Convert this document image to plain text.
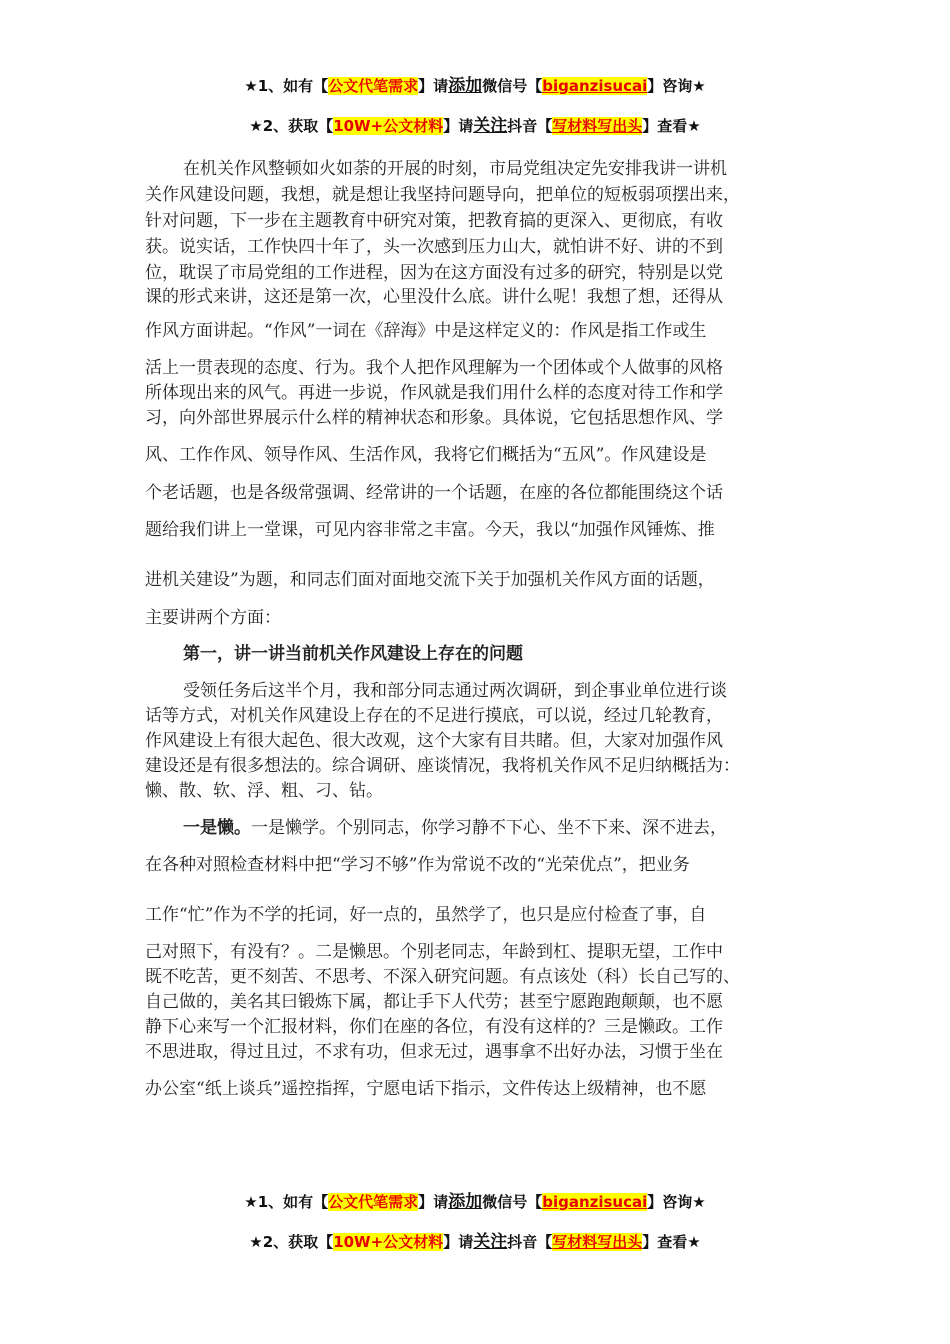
★1、如有【公文代笔需求】请添加微信号【biganzisucai】咨询★
★2、获取【10W+公文材料】请关注抖音【写材料写出头】查看★
在机关作风整顿如火如荼的开展的时刻，市局党组决定先安排我讲一讲机
关作风建设问题，我想，就是想让我坚持问题导向，把单位的短板弱项摆出来，
针对问题，下一步在主题教育中研究对策，把教育搞的更深入、更彻底，有收
获。说实话，工作快四十年了，头一次感到压力山大，就怕讲不好、讲的不到
位，耽误了市局党组的工作进程，因为在这方面没有过多的研究，特别是以党
课的形式来讲，这还是第一次，心里没什么底。讲什么呢！我想了想，还得从
作风方面讲起。“作风”一词在《辞海》中是这样定义的：作风是指工作或生
活上一贯表现的态度、行为。我个人把作风理解为一个团体或个人做事的风格
所体现出来的风气。再进一步说，作风就是我们用什么样的态度对待工作和学
习，向外部世界展示什么样的精神状态和形象。具体说，它包括思想作风、学
风、工作作风、领导作风、生活作风，我将它们概括为“五风”。作风建设是
个老话题，也是各级常强调、经常讲的一个话题，在座的各位都能围绕这个话
题给我们讲上一堂课，可见内容非常之丰富。今天，我以“加强作风锤炼、推
进机关建设”为题，和同志们面对面地交流下关于加强机关作风方面的话题，
主要讲两个方面：
第一，讲一讲当前机关作风建设上存在的问题
受领任务后这半个月，我和部分同志通过两次调研，到企事业单位进行谈
话等方式，对机关作风建设上存在的不足进行摸底，可以说，经过几轮教育，
作风建设上有很大起色、很大改观，这个大家有目共睹。但，大家对加强作风
建设还是有很多想法的。综合调研、座谈情况，我将机关作风不足归纳概括为：
懒、散、软、浮、粗、刁、钻。
一是懒。一是懒学。个别同志，你学习静不下心、坐不下来、深不进去，
在各种对照检查材料中把“学习不够”作为常说不改的“光荣优点”，把业务
工作“忙”作为不学的托词，好一点的，虽然学了，也只是应付检查了事，自
己对照下，有没有？。二是懒思。个别老同志，年龄到杠、提职无望，工作中
既不吃苦，更不刻苦、不思考、不深入研究问题。有点该处（科）长自己写的、
自己做的，美名其曰锻炼下属，都让手下人代劳；甚至宁愿跑跑颠颠，也不愿
静下心来写一个汇报材料，你们在座的各位，有没有这样的？三是懒政。工作
不思进取，得过且过，不求有功，但求无过，遇事拿不出好办法，习惯于坐在
办公室“纸上谈兵”遥控指挥，宁愿电话下指示，文件传达上级精神，也不愿
★1、如有【公文代笔需求】请添加微信号【biganzisucai】咨询★
★2、获取【10W+公文材料】请关注抖音【写材料写出头】查看★
